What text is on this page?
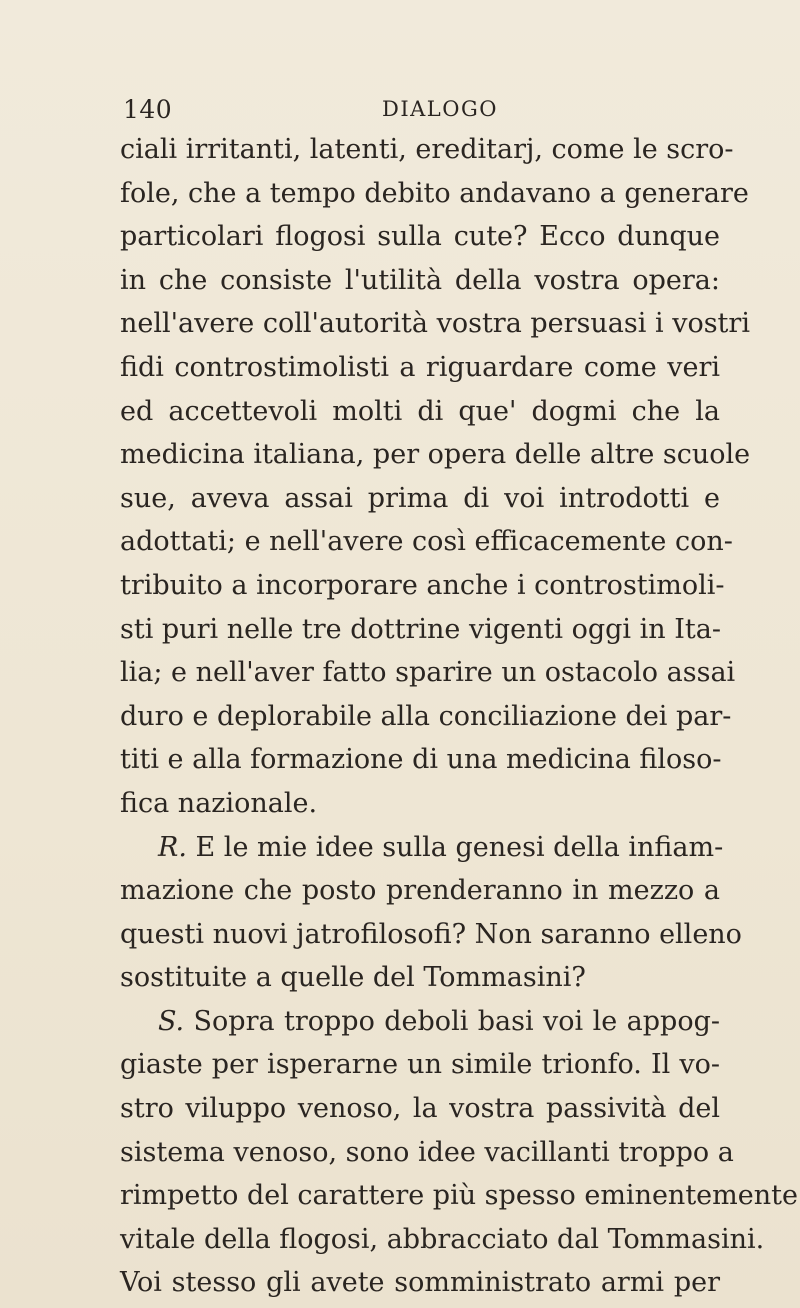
140	DIALOGO
ciali irritanti, latenti, ereditarj, come le scro-
fole, che a tempo debito andavano a generare
particolari flogosi sulla cute? Ecco dunque
in che consiste l'utilità della vostra opera:
nell'avere coll'autorità vostra persuasi i vostri
fidi controstimolisti a riguardare come veri
ed accettevoli molti di que' dogmi che la
medicina italiana, per opera delle altre scuole
sue, aveva assai prima di voi introdotti e
adottati; e nell'avere così efficacemente con-
tribuito a incorporare anche i controstimoli-
sti puri nelle tre dottrine vigenti oggi in Ita-
lia; e nell'aver fatto sparire un ostacolo assai
duro e deplorabile alla conciliazione dei par-
titi e alla formazione di una medicina filoso-
fica nazionale.
R. E le mie idee sulla genesi della infiam-
mazione che posto prenderanno in mezzo a
questi nuovi jatrofilosofi? Non saranno elleno
sostituite a quelle del Tommasini?
S. Sopra troppo deboli basi voi le appog-
giaste per isperarne un simile trionfo. Il vo-
stro viluppo venoso, la vostra passività del
sistema venoso, sono idee vacillanti troppo a
rimpetto del carattere più spesso eminentemente
vitale della flogosi, abbracciato dal Tommasini.
Voi stesso gli avete somministrato armi per
